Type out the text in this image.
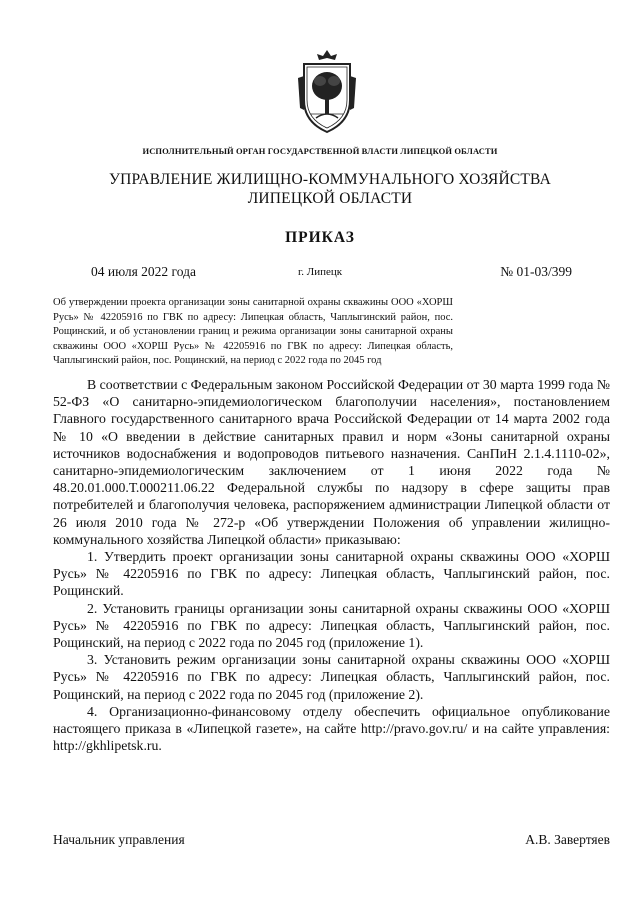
ИСПОЛНИТЕЛЬНЫЙ ОРГАН ГОСУДАРСТВЕННОЙ ВЛАСТИ ЛИПЕЦКОЙ ОБЛАСТИ
УПРАВЛЕНИЕ ЖИЛИЩНО-КОММУНАЛЬНОГО ХОЗЯЙСТВА
ЛИПЕЦКОЙ ОБЛАСТИ
ПРИКАЗ
04 июля 2022 года	г. Липецк	№ 01-03/399
Об утверждении проекта организации зоны санитарной охраны скважины ООО «ХОРШ Русь» № 42205916 по ГВК по адресу: Липецкая область, Чаплыгинский район, пос. Рощинский, и об установлении границ и режима организации зоны санитарной охраны скважины ООО «ХОРШ Русь» № 42205916 по ГВК по адресу: Липецкая область, Чаплыгинский район, пос. Рощинский, на период с 2022 года по 2045 год

В соответствии с Федеральным законом Российской Федерации от 30 марта 1999 года № 52-ФЗ «О санитарно-эпидемиологическом благополучии населения», постановлением Главного государственного санитарного врача Российской Федерации от 14 марта 2002 года № 10 «О введении в действие санитарных правил и норм «Зоны санитарной охраны источников водоснабжения и водопроводов питьевого назначения. СанПиН 2.1.4.1110-02», санитарно-эпидемиологическим заключением от 1 июня 2022 года № 48.20.01.000.Т.000211.06.22 Федеральной службы по надзору в сфере защиты прав потребителей и благополучия человека, распоряжением администрации Липецкой области от 26 июля 2010 года № 272-р «Об утверждении Положения об управлении жилищно-коммунального хозяйства Липецкой области» приказываю:

1. Утвердить проект организации зоны санитарной охраны скважины ООО «ХОРШ Русь» № 42205916 по ГВК по адресу: Липецкая область, Чаплыгинский район, пос. Рощинский.

2. Установить границы организации зоны санитарной охраны скважины ООО «ХОРШ Русь» № 42205916 по ГВК по адресу: Липецкая область, Чаплыгинский район, пос. Рощинский, на период с 2022 года по 2045 год (приложение 1).

3. Установить режим организации зоны санитарной охраны скважины ООО «ХОРШ Русь» № 42205916 по ГВК по адресу: Липецкая область, Чаплыгинский район, пос. Рощинский, на период с 2022 года по 2045 год (приложение 2).

4. Организационно-финансовому отделу обеспечить официальное опубликование настоящего приказа в «Липецкой газете», на сайте http://pravo.gov.ru/ и на сайте управления: http://gkhlipetsk.ru.

Начальник управления	А.В. Завертяев
